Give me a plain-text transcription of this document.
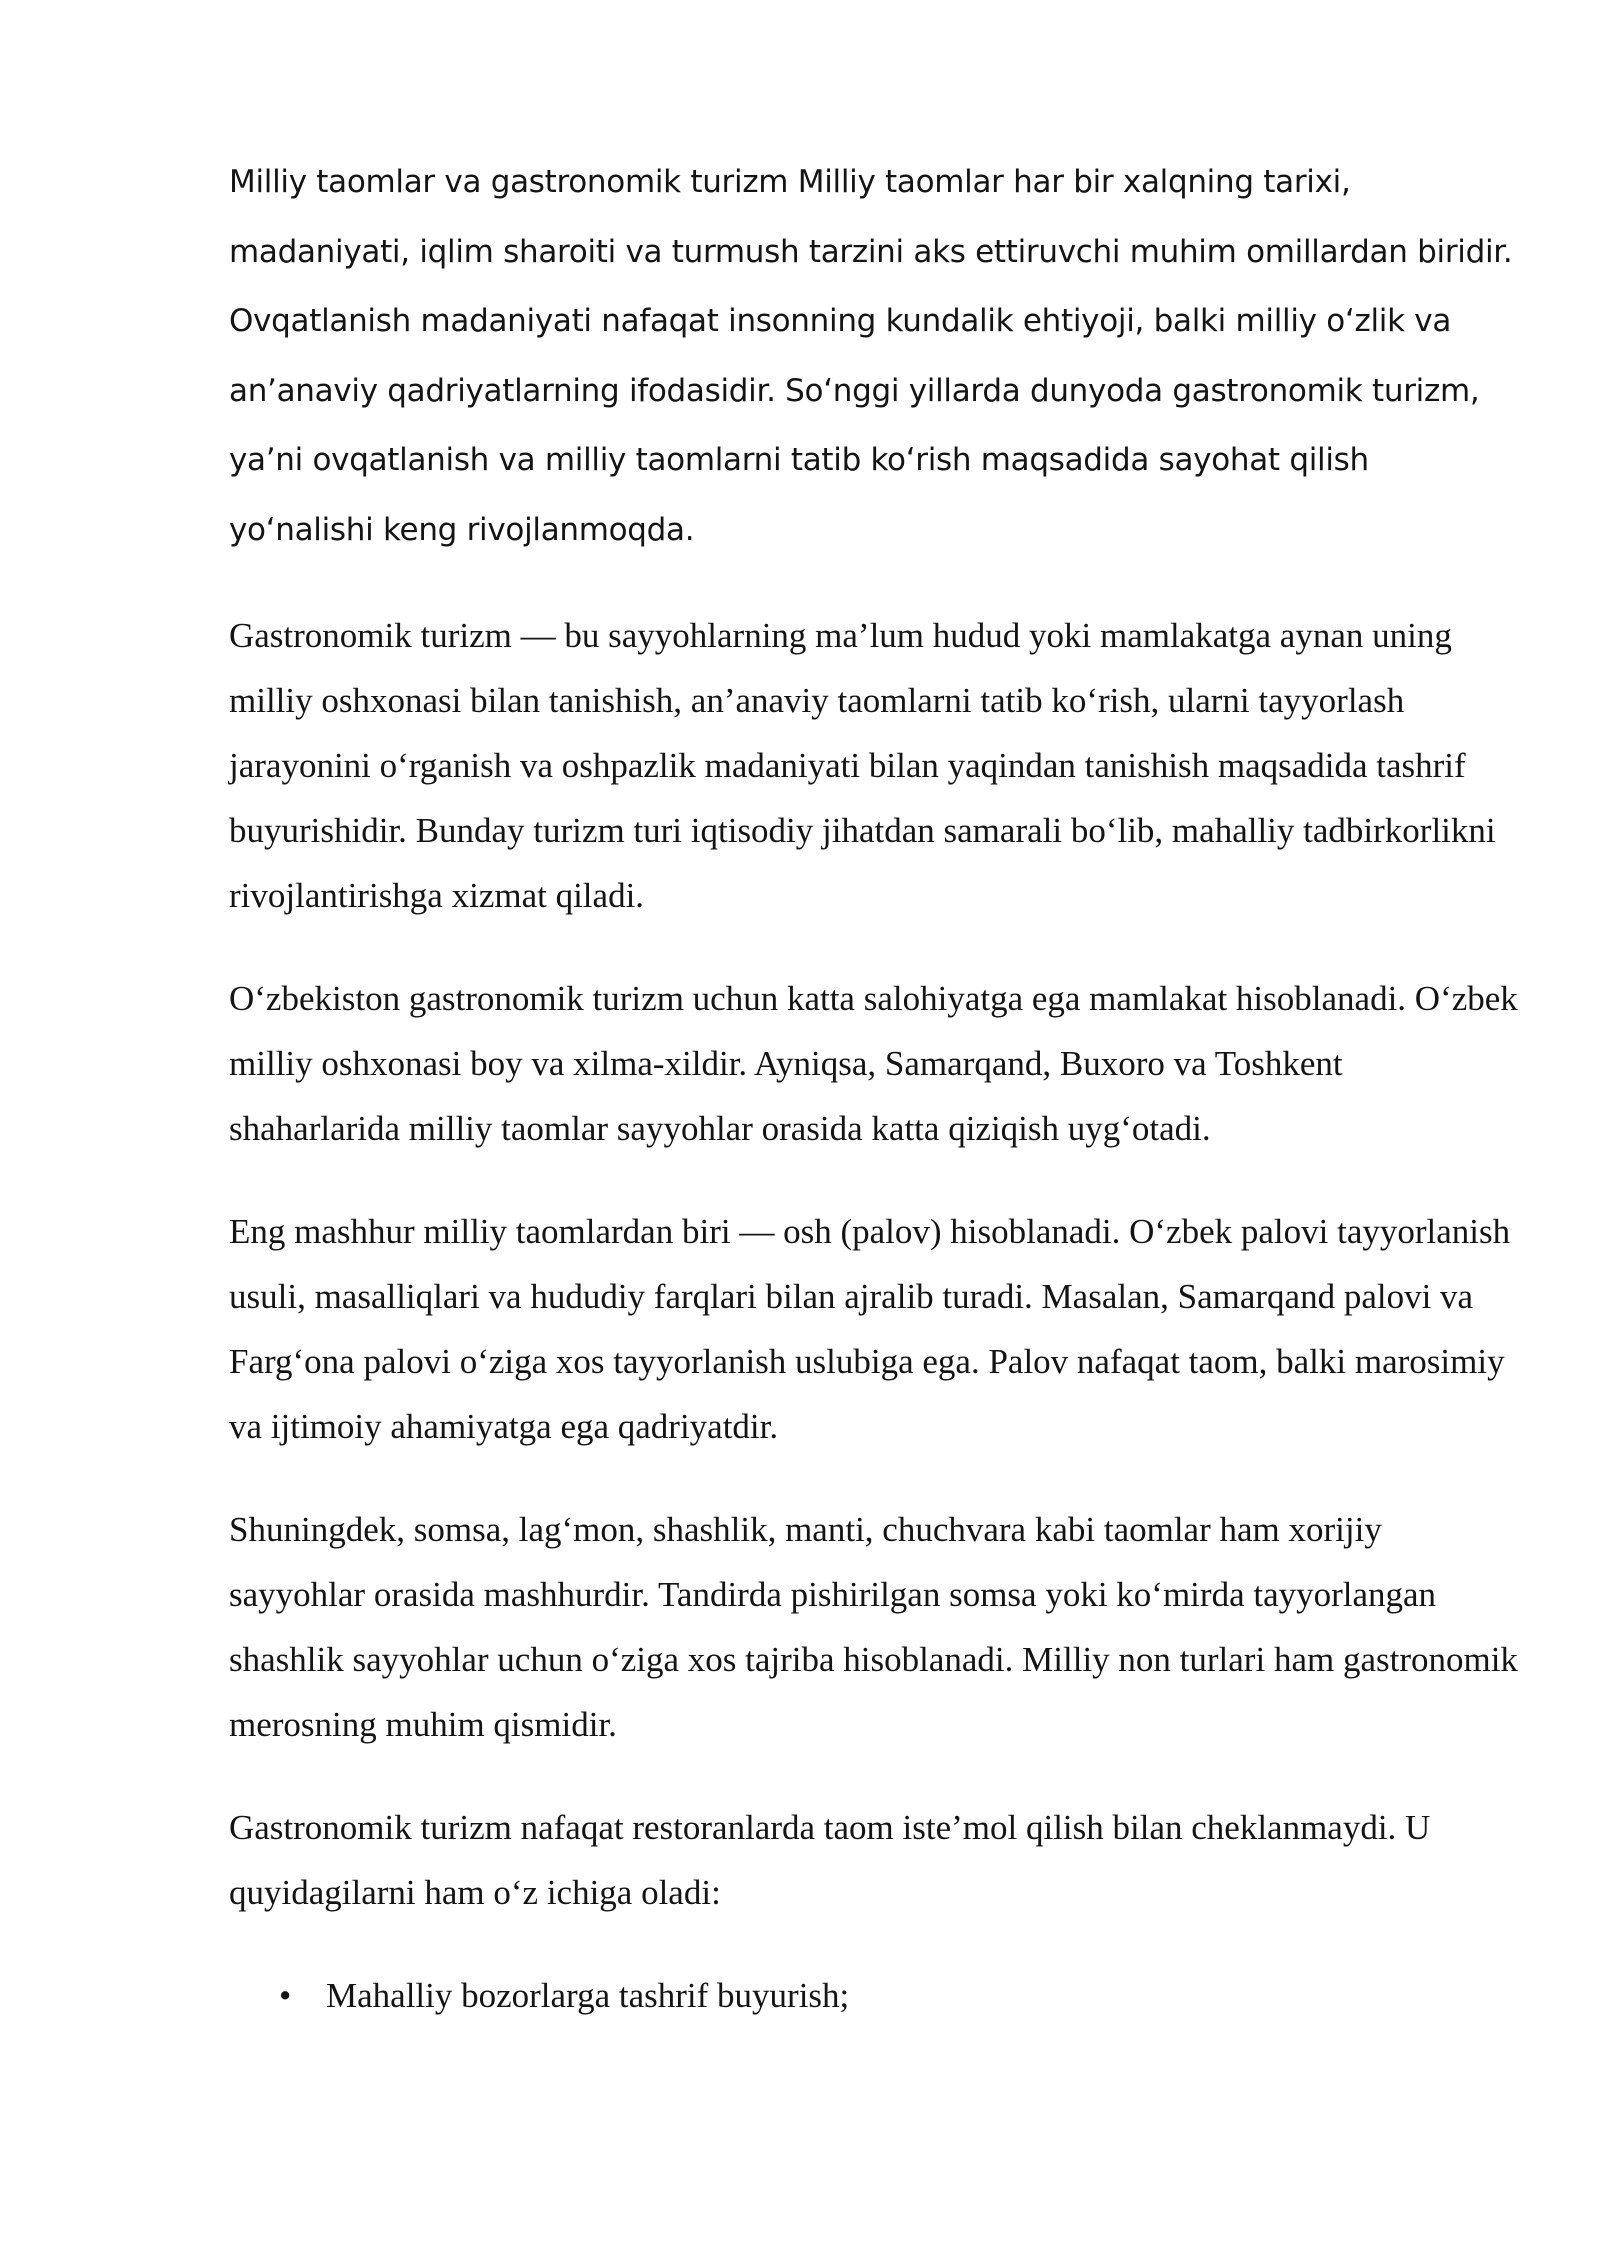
Milliy taomlar va gastronomik turizm Milliy taomlar har bir xalqning tarixi, madaniyati, iqlim sharoiti va turmush tarzini aks ettiruvchi muhim omillardan biridir. Ovqatlanish madaniyati nafaqat insonning kundalik ehtiyoji, balki milliy oʻzlik va an’anaviy qadriyatlarning ifodasidir. Soʻnggi yillarda dunyoda gastronomik turizm, ya’ni ovqatlanish va milliy taomlarni tatib koʻrish maqsadida sayohat qilish yoʻnalishi keng rivojlanmoqda.

Gastronomik turizm — bu sayyohlarning ma’lum hudud yoki mamlakatga aynan uning milliy oshxonasi bilan tanishish, an’anaviy taomlarni tatib koʻrish, ularni tayyorlash jarayonini oʻrganish va oshpazlik madaniyati bilan yaqindan tanishish maqsadida tashrif buyurishidir. Bunday turizm turi iqtisodiy jihatdan samarali boʻlib, mahalliy tadbirkorlikni rivojlantirishga xizmat qiladi.

Oʻzbekiston gastronomik turizm uchun katta salohiyatga ega mamlakat hisoblanadi. Oʻzbek milliy oshxonasi boy va xilma-xildir. Ayniqsa, Samarqand, Buxoro va Toshkent shaharlarida milliy taomlar sayyohlar orasida katta qiziqish uygʻotadi.

Eng mashhur milliy taomlardan biri — osh (palov) hisoblanadi. Oʻzbek palovi tayyorlanish usuli, masalliqlari va hududiy farqlari bilan ajralib turadi. Masalan, Samarqand palovi va Fargʻona palovi oʻziga xos tayyorlanish uslubiga ega. Palov nafaqat taom, balki marosimiy va ijtimoiy ahamiyatga ega qadriyatdir.

Shuningdek, somsa, lagʻmon, shashlik, manti, chuchvara kabi taomlar ham xorijiy sayyohlar orasida mashhurdir. Tandirda pishirilgan somsa yoki koʻmirda tayyorlangan shashlik sayyohlar uchun oʻziga xos tajriba hisoblanadi. Milliy non turlari ham gastronomik merosning muhim qismidir.

Gastronomik turizm nafaqat restoranlarda taom iste’mol qilish bilan cheklanmaydi. U quyidagilarni ham oʻz ichiga oladi:

• Mahalliy bozorlarga tashrif buyurish;
